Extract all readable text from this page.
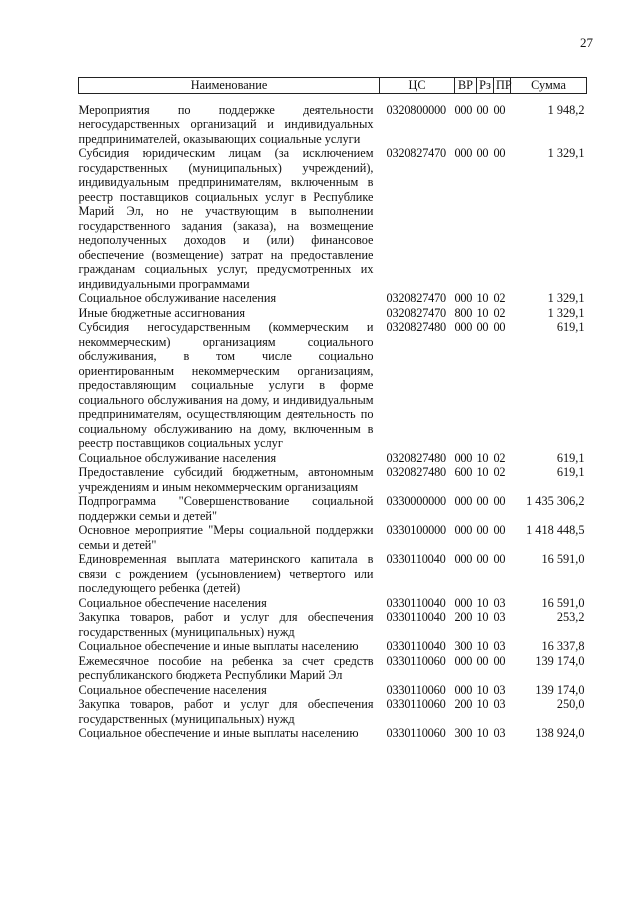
27
Наименование	ЦС	ВР	Рз	ПР	Сумма
Мероприятия по поддержке деятельности негосударственных организаций и индивидуальных предпринимателей, оказывающих социальные услуги	0320800000	000	00	00	1 948,2
Субсидия юридическим лицам (за исключением государственных (муниципальных) учреждений), индивидуальным предпринимателям, включенным в реестр поставщиков социальных услуг в Республике Марий Эл, но не участвующим в выполнении государственного задания (заказа), на возмещение недополученных доходов и (или) финансовое обеспечение (возмещение) затрат на предоставление гражданам социальных услуг, предусмотренных их индивидуальными программами	0320827470	000	00	00	1 329,1
Социальное обслуживание населения	0320827470	000	10	02	1 329,1
Иные бюджетные ассигнования	0320827470	800	10	02	1 329,1
Субсидия негосударственным (коммерческим и некоммерческим) организациям социального обслуживания, в том числе социально ориентированным некоммерческим организациям, предоставляющим социальные услуги в форме социального обслуживания на дому, и индивидуальным предпринимателям, осуществляющим деятельность по социальному обслуживанию на дому, включенным в реестр поставщиков социальных услуг	0320827480	000	00	00	619,1
Социальное обслуживание населения	0320827480	000	10	02	619,1
Предоставление субсидий бюджетным, автономным учреждениям и иным некоммерческим организациям	0320827480	600	10	02	619,1
Подпрограмма "Совершенствование социальной поддержки семьи и детей"	0330000000	000	00	00	1 435 306,2
Основное мероприятие "Меры социальной поддержки семьи и детей"	0330100000	000	00	00	1 418 448,5
Единовременная выплата материнского капитала в связи с рождением (усыновлением) четвертого или последующего ребенка (детей)	0330110040	000	00	00	16 591,0
Социальное обеспечение населения	0330110040	000	10	03	16 591,0
Закупка товаров, работ и услуг для обеспечения государственных (муниципальных) нужд	0330110040	200	10	03	253,2
Социальное обеспечение и иные выплаты населению	0330110040	300	10	03	16 337,8
Ежемесячное пособие на ребенка за счет средств республиканского бюджета Республики Марий Эл	0330110060	000	00	00	139 174,0
Социальное обеспечение населения	0330110060	000	10	03	139 174,0
Закупка товаров, работ и услуг для обеспечения государственных (муниципальных) нужд	0330110060	200	10	03	250,0
Социальное обеспечение и иные выплаты населению	0330110060	300	10	03	138 924,0
